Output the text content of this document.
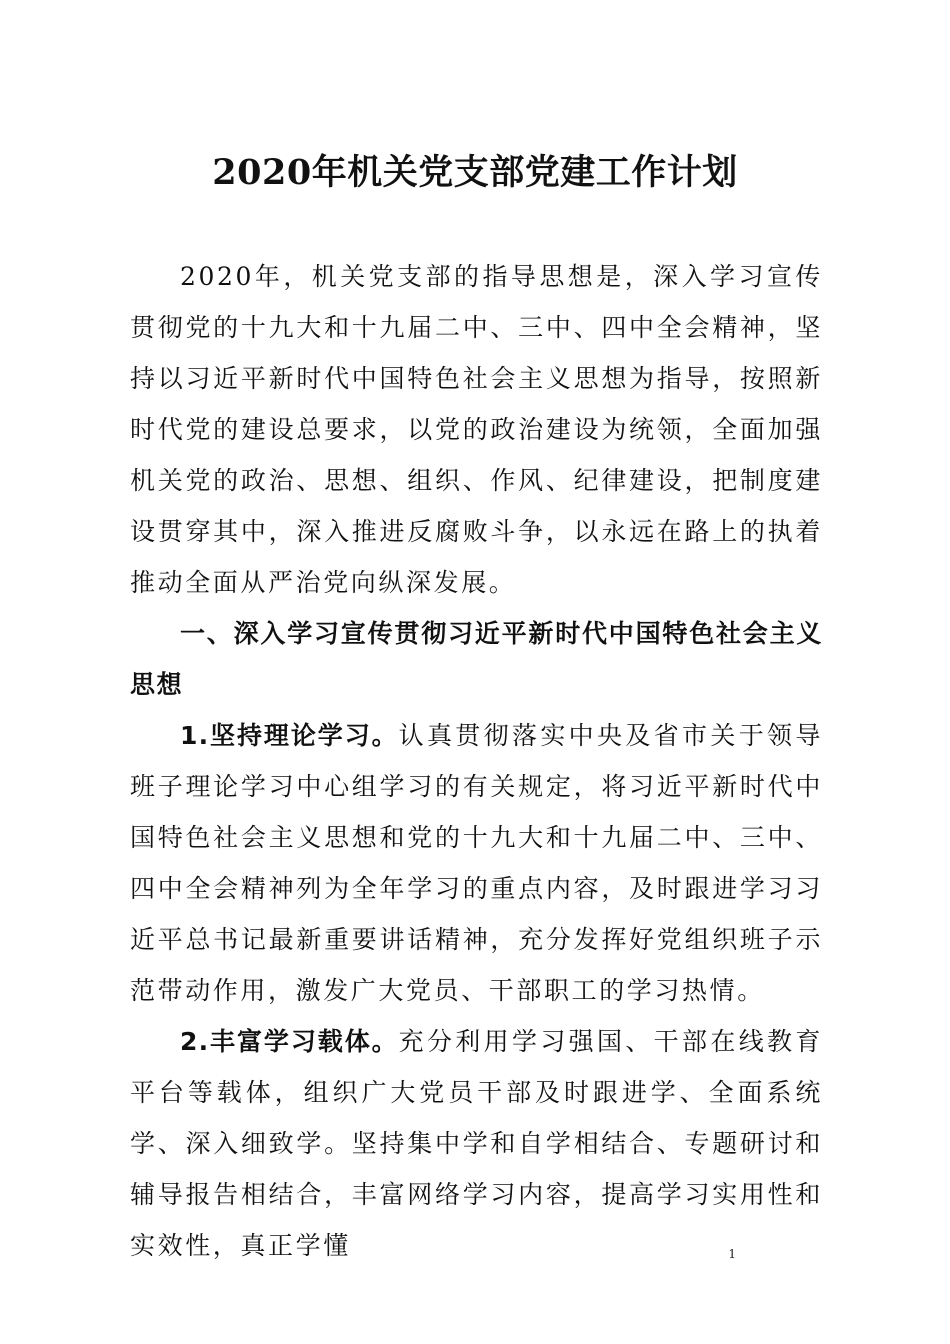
2020年机关党支部党建工作计划

2020年，机关党支部的指导思想是，深入学习宣传贯彻党的十九大和十九届二中、三中、四中全会精神，坚持以习近平新时代中国特色社会主义思想为指导，按照新时代党的建设总要求，以党的政治建设为统领，全面加强机关党的政治、思想、组织、作风、纪律建设，把制度建设贯穿其中，深入推进反腐败斗争，以永远在路上的执着推动全面从严治党向纵深发展。

一、深入学习宣传贯彻习近平新时代中国特色社会主义思想

1.坚持理论学习。认真贯彻落实中央及省市关于领导班子理论学习中心组学习的有关规定，将习近平新时代中国特色社会主义思想和党的十九大和十九届二中、三中、四中全会精神列为全年学习的重点内容，及时跟进学习习近平总书记最新重要讲话精神，充分发挥好党组织班子示范带动作用，激发广大党员、干部职工的学习热情。

2.丰富学习载体。充分利用学习强国、干部在线教育平台等载体，组织广大党员干部及时跟进学、全面系统学、深入细致学。坚持集中学和自学相结合、专题研讨和辅导报告相结合，丰富网络学习内容，提高学习实用性和实效性，真正学懂	1
